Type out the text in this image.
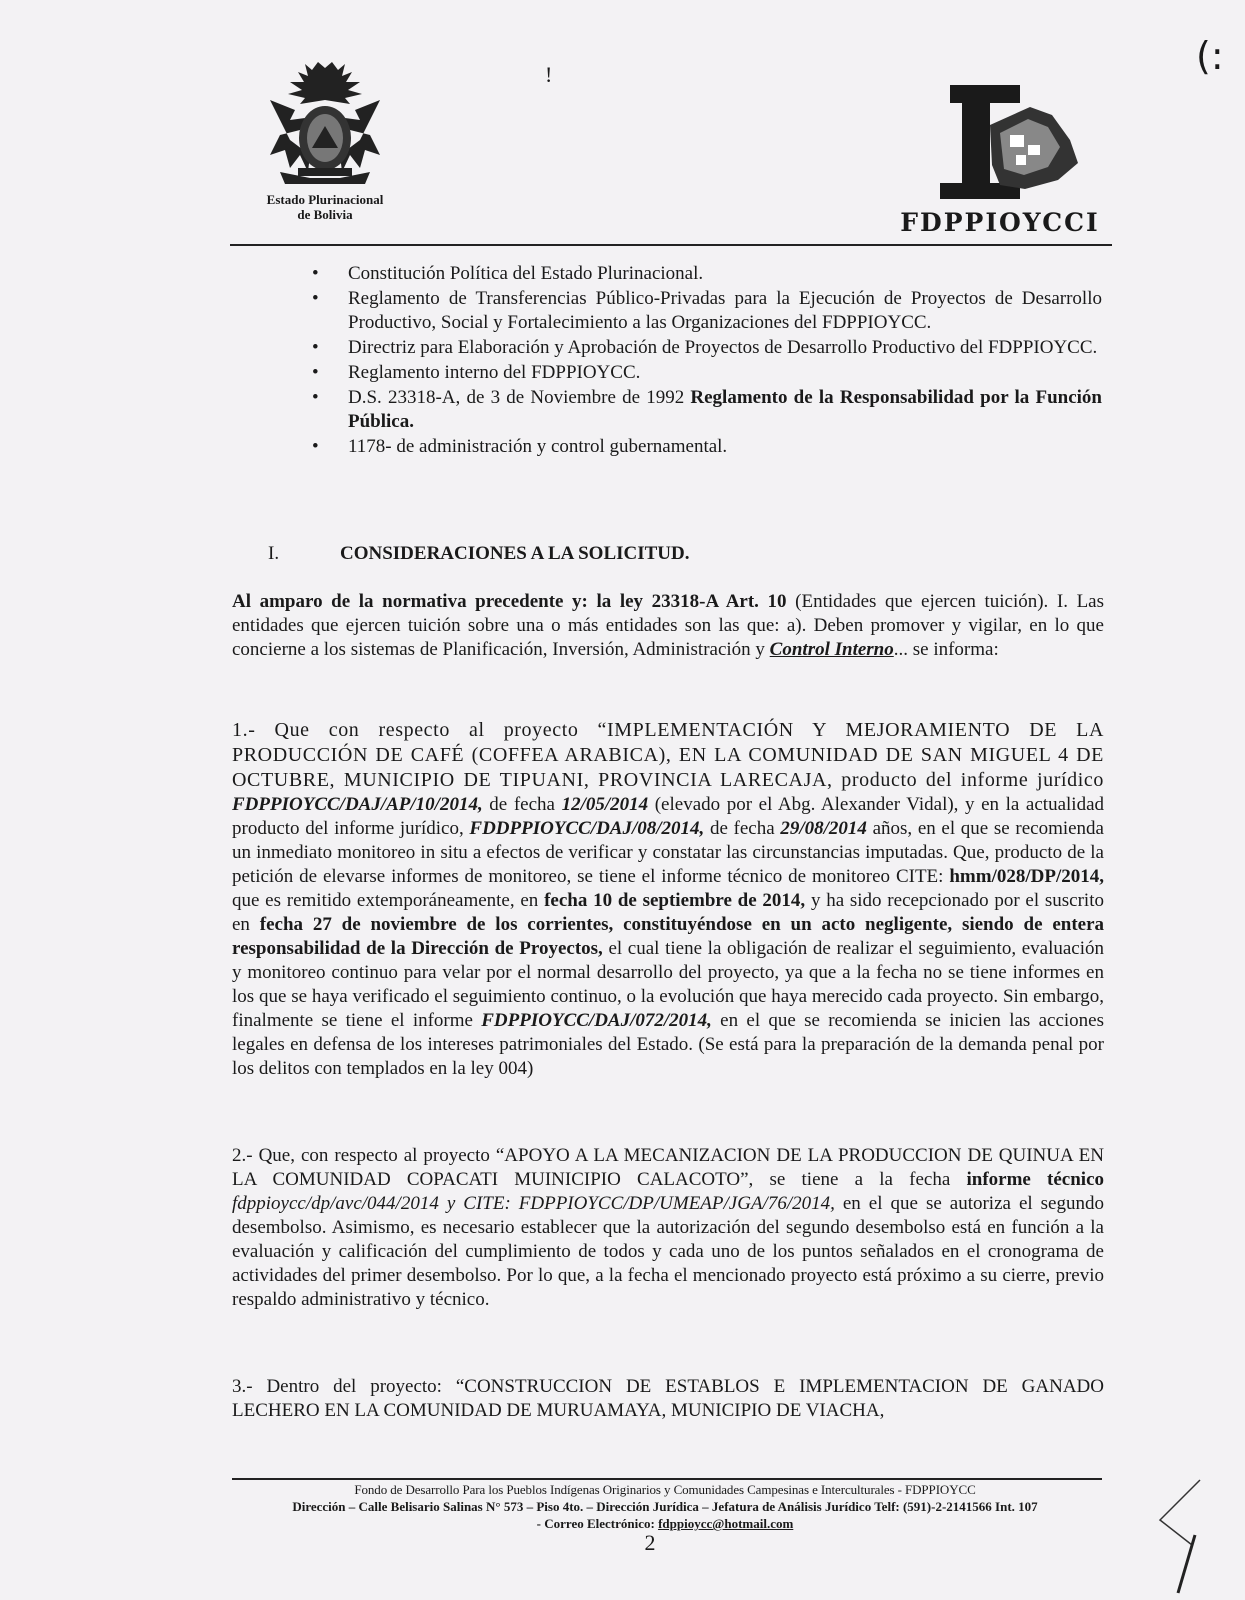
Estado Plurinacional
de Bolivia
!	(:
FDPPIOYCCI
• Constitución Política del Estado Plurinacional.
• Reglamento de Transferencias Público-Privadas para la Ejecución de Proyectos de Desarrollo Productivo, Social y Fortalecimiento a las Organizaciones del FDPPIOYCC.
• Directriz para Elaboración y Aprobación de Proyectos de Desarrollo Productivo del FDPPIOYCC.
• Reglamento interno del FDPPIOYCC.
• D.S. 23318-A, de 3 de Noviembre de 1992 Reglamento de la Responsabilidad por la Función Pública.
• 1178- de administración y control gubernamental.
I.	CONSIDERACIONES A LA SOLICITUD.

Al amparo de la normativa precedente y: la ley 23318-A Art. 10 (Entidades que ejercen tuición). I. Las entidades que ejercen tuición sobre una o más entidades son las que: a). Deben promover y vigilar, en lo que concierne a los sistemas de Planificación, Inversión, Administración y Control Interno... se informa:

1.- Que con respecto al proyecto “IMPLEMENTACIÓN Y MEJORAMIENTO DE LA PRODUCCIÓN DE CAFÉ (COFFEA ARABICA), EN LA COMUNIDAD DE SAN MIGUEL 4 DE OCTUBRE, MUNICIPIO DE TIPUANI, PROVINCIA LARECAJA, producto del informe jurídico FDPPIOYCC/DAJ/AP/10/2014, de fecha 12/05/2014 (elevado por el Abg. Alexander Vidal), y en la actualidad producto del informe jurídico, FDDPPIOYCC/DAJ/08/2014, de fecha 29/08/2014 años, en el que se recomienda un inmediato monitoreo in situ a efectos de verificar y constatar las circunstancias imputadas. Que, producto de la petición de elevarse informes de monitoreo, se tiene el informe técnico de monitoreo CITE: hmm/028/DP/2014, que es remitido extemporáneamente, en fecha 10 de septiembre de 2014, y ha sido recepcionado por el suscrito en fecha 27 de noviembre de los corrientes, constituyéndose en un acto negligente, siendo de entera responsabilidad de la Dirección de Proyectos, el cual tiene la obligación de realizar el seguimiento, evaluación y monitoreo continuo para velar por el normal desarrollo del proyecto, ya que a la fecha no se tiene informes en los que se haya verificado el seguimiento continuo, o la evolución que haya merecido cada proyecto. Sin embargo, finalmente se tiene el informe FDPPIOYCC/DAJ/072/2014, en el que se recomienda se inicien las acciones legales en defensa de los intereses patrimoniales del Estado. (Se está para la preparación de la demanda penal por los delitos con templados en la ley 004)

2.- Que, con respecto al proyecto “APOYO A LA MECANIZACION DE LA PRODUCCION DE QUINUA EN LA COMUNIDAD COPACATI MUINICIPIO CALACOTO”, se tiene a la fecha informe técnico fdppioycc/dp/avc/044/2014 y CITE: FDPPIOYCC/DP/UMEAP/JGA/76/2014, en el que se autoriza el segundo desembolso. Asimismo, es necesario establecer que la autorización del segundo desembolso está en función a la evaluación y calificación del cumplimiento de todos y cada uno de los puntos señalados en el cronograma de actividades del primer desembolso. Por lo que, a la fecha el mencionado proyecto está próximo a su cierre, previo respaldo administrativo y técnico.

3.- Dentro del proyecto: “CONSTRUCCION DE ESTABLOS E IMPLEMENTACION DE GANADO LECHERO EN LA COMUNIDAD DE MURUAMAYA, MUNICIPIO DE VIACHA,

Fondo de Desarrollo Para los Pueblos Indígenas Originarios y Comunidades Campesinas e Interculturales - FDPPIOYCC
Dirección – Calle Belisario Salinas N° 573 – Piso 4to. – Dirección Jurídica – Jefatura de Análisis Jurídico Telf: (591)-2-2141566 Int. 107
- Correo Electrónico: fdppioycc@hotmail.com
2
